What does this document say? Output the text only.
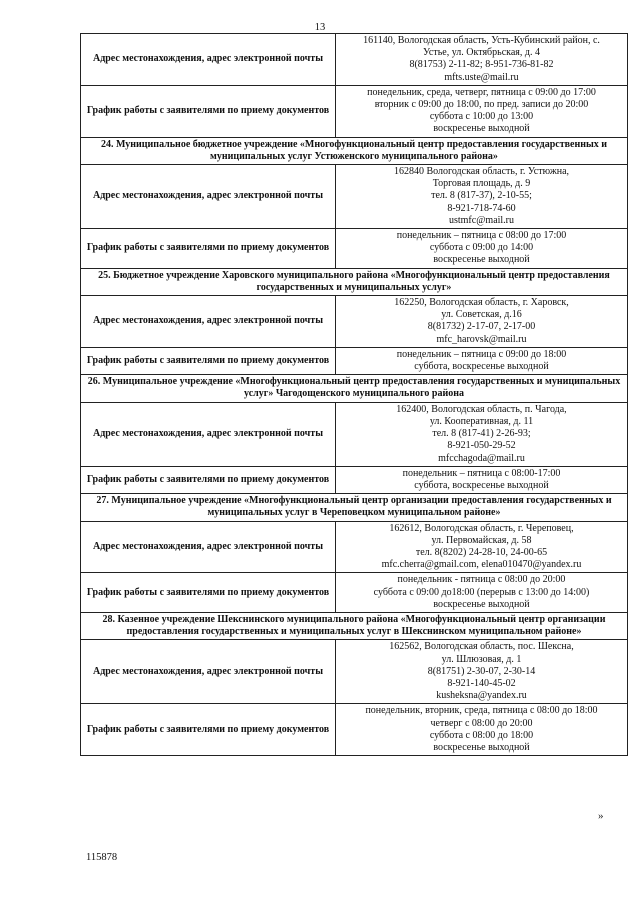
13
Адрес местонахождения, адрес электронной почты	161140, Вологодская область, Усть-Кубинский район, с.
Устье, ул. Октябрьская, д. 4
8(81753) 2-11-82; 8-951-736-81-82
mfts.uste@mail.ru

График работы с заявителями по приему документов	понедельник, среда, четверг, пятница с 09:00 до 17:00
вторник с 09:00 до 18:00, по пред. записи до 20:00
суббота с 10:00 до 13:00
воскресенье выходной

24. Муниципальное бюджетное учреждение «Многофункциональный центр предоставления государственных и муниципальных услуг Устюженского муниципального района»	
Адрес местонахождения, адрес электронной почты	162840 Вологодская область, г. Устюжна,
Торговая площадь, д. 9
тел. 8 (817-37), 2-10-55;
8-921-718-74-60
ustmfc@mail.ru

График работы с заявителями по приему документов	понедельник – пятница с 08:00 до 17:00
суббота с 09:00 до 14:00
воскресенье выходной

25. Бюджетное учреждение Харовского муниципального района «Многофункциональный центр предоставления государственных и муниципальных услуг»	
Адрес местонахождения, адрес электронной почты	162250, Вологодская область, г. Харовск,
ул. Советская, д.16
8(81732) 2-17-07, 2-17-00
mfc_harovsk@mail.ru

График работы с заявителями по приему документов	понедельник – пятница с 09:00 до 18:00
суббота, воскресенье выходной

26. Муниципальное учреждение «Многофункциональный центр предоставления государственных и муниципальных услуг» Чагодощенского муниципального района	
Адрес местонахождения, адрес электронной почты	162400, Вологодская область, п. Чагода,
ул. Кооперативная, д. 11
тел. 8 (817-41) 2-26-93;
8-921-050-29-52
mfcchagoda@mail.ru

График работы с заявителями по приему документов	понедельник – пятница с 08:00-17:00
суббота, воскресенье выходной

27. Муниципальное учреждение «Многофункциональный центр организации предоставления государственных и муниципальных услуг в Череповецком муниципальном районе»	
Адрес местонахождения, адрес электронной почты	162612, Вологодская область, г. Череповец,
ул. Первомайская, д. 58
тел. 8(8202) 24-28-10, 24-00-65
mfc.cherra@gmail.com, elena010470@yandex.ru

График работы с заявителями по приему документов	понедельник - пятница с 08:00 до 20:00
суббота с 09:00 до18:00 (перерыв с 13:00 до 14:00)
воскресенье выходной

28. Казенное учреждение Шекснинского муниципального района «Многофункциональный центр организации предоставления государственных и муниципальных услуг в Шекснинском муниципальном районе»	
Адрес местонахождения, адрес электронной почты	162562, Вологодская область, пос. Шексна,
ул. Шлюзовая, д. 1
8(81751) 2-30-07, 2-30-14
8-921-140-45-02
kusheksna@yandex.ru

График работы с заявителями по приему документов	понедельник, вторник, среда, пятница с 08:00 до 18:00
четверг с 08:00 до 20:00
суббота с 08:00 до 18:00
воскресенье выходной
»
115878
